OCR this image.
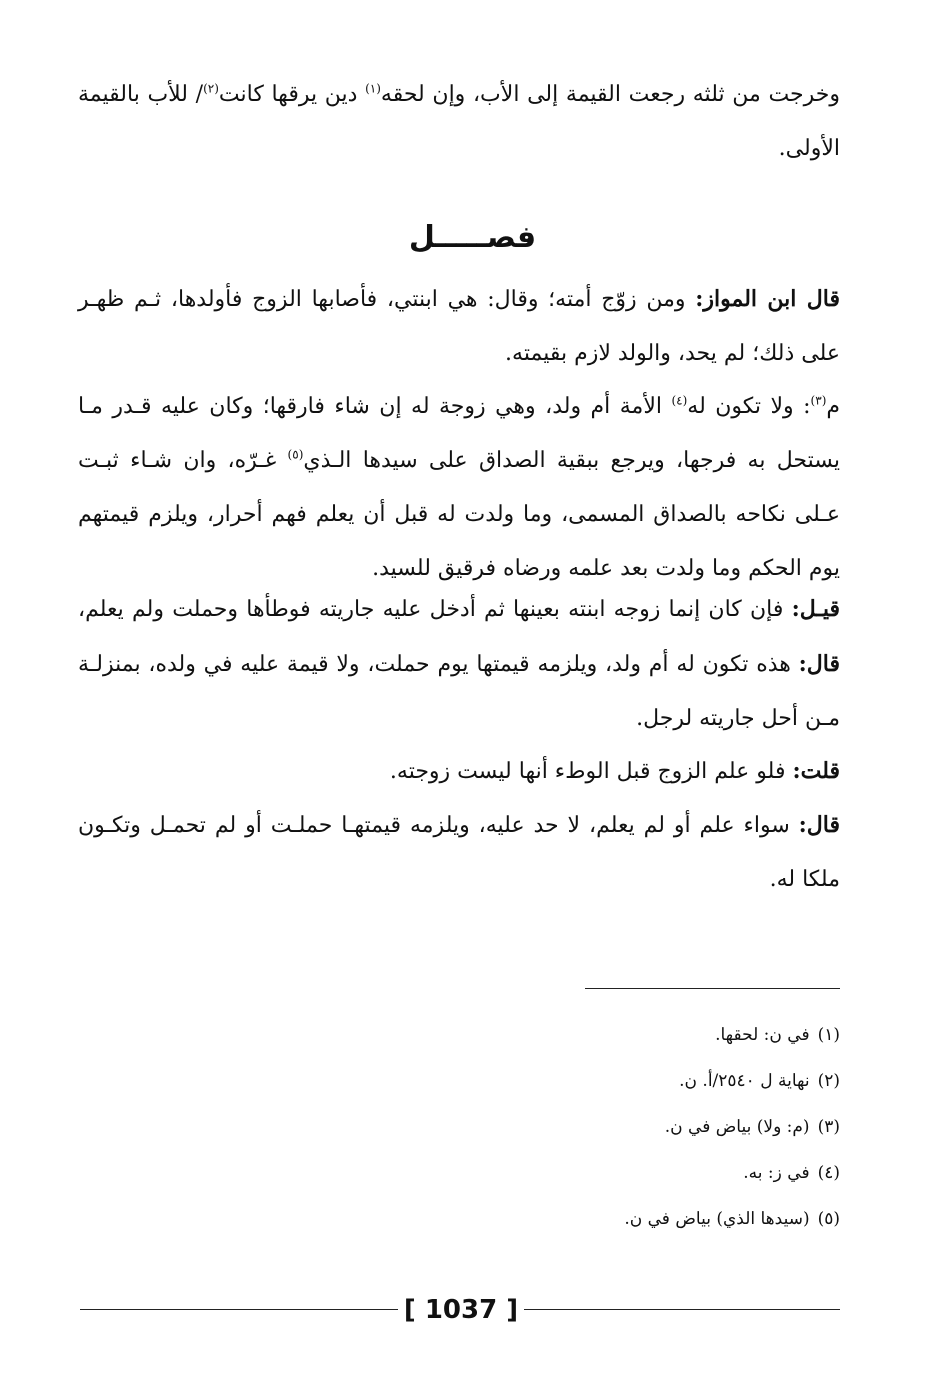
وخرجت من ثلثه رجعت القيمة إلى الأب، وإن لحقه$^{(١)}$ دين يرقها كانت$^{(٢)}$/ للأب بالقيمة الأولى.

فصـــــل

قال ابن المواز: ومن زوّج أمته؛ وقال: هي ابنتي، فأصابها الزوج فأولدها، ثـم ظهـر على ذلك؛ لم يحد، والولد لازم بقيمته.

م$^{(٣)}$: ولا تكون له$^{(٤)}$ الأمة أم ولد، وهي زوجة له إن شاء فارقها؛ وكان عليه قـدر مـا يستحل به فرجها، ويرجع ببقية الصداق على سيدها الـذي$^{(٥)}$ غـرّه، وان شـاء ثبـت عـلى نكاحه بالصداق المسمى، وما ولدت له قبل أن يعلم فهم أحرار، ويلزم قيمتهم يوم الحكم وما ولدت بعد علمه ورضاه فرقيق للسيد.

قيـل: فإن كان إنما زوجه ابنته بعينها ثم أدخل عليه جاريته فوطأها وحملت ولم يعلم، قال: هذه تكون له أم ولد، ويلزمه قيمتها يوم حملت، ولا قيمة عليه في ولده، بمنزلـة مـن أحل جاريته لرجل.

قلت: فلو علم الزوج قبل الوطء أنها ليست زوجته.

قال: سواء علم أو لم يعلم، لا حد عليه، ويلزمه قيمتهـا حملـت أو لم تحمـل وتكـون ملكا له.

(١)في ن: لحقها.
(٢)نهاية ل ٢٥٤٠/أ. ن.
(٣)(م: ولا) بياض في ن.
(٤)في ز: به.
(٥)(سيدها الذي) بياض في ن.
[ 1037 ]
